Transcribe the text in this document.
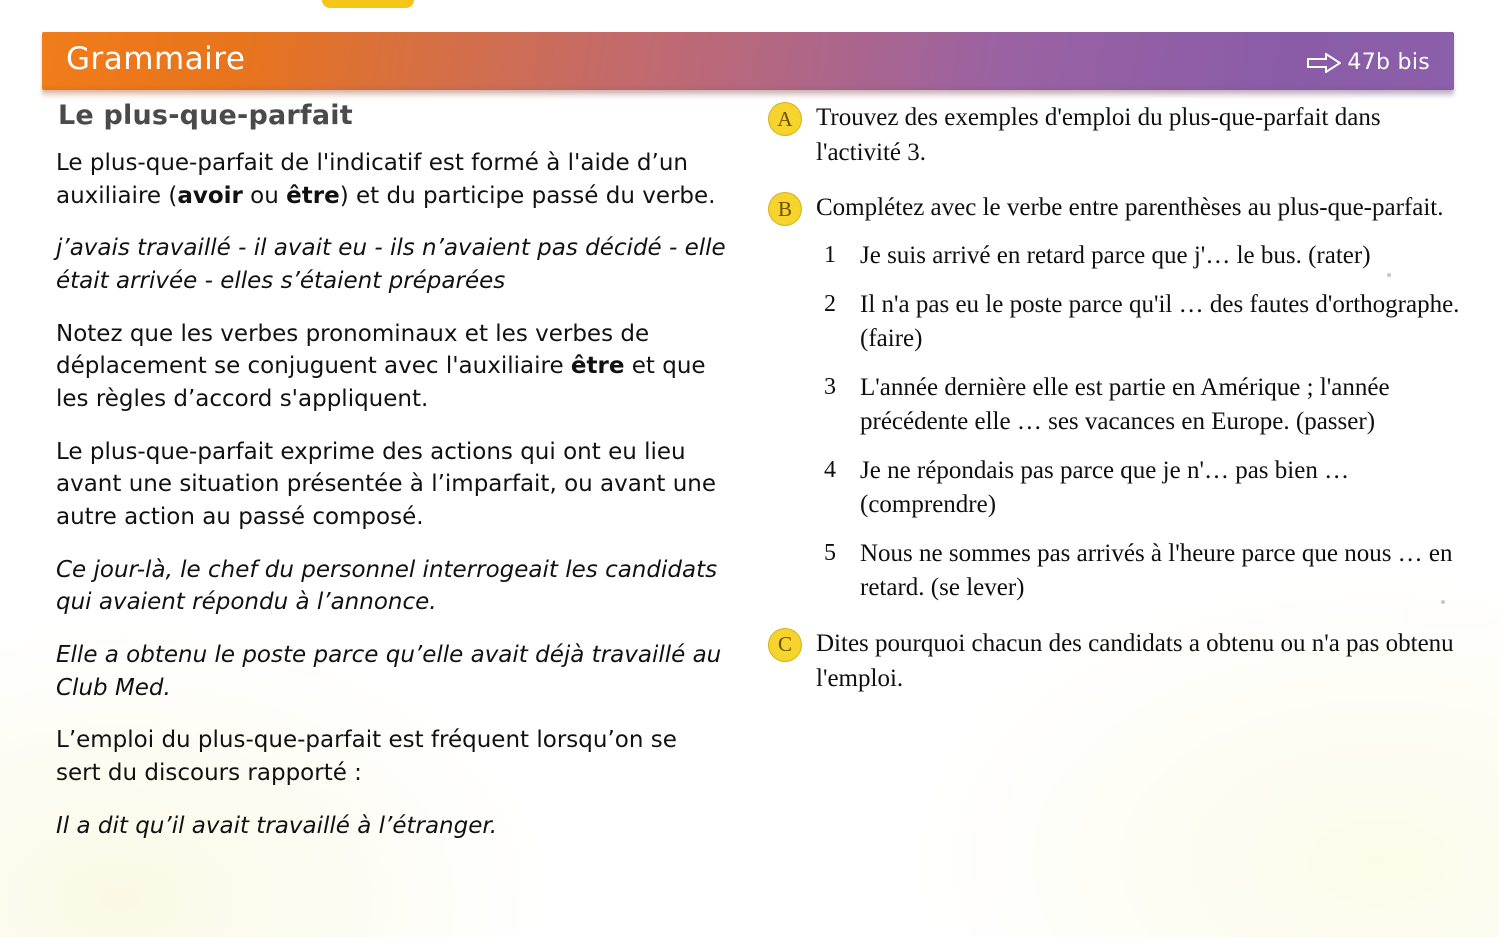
Grammaire	47b bis
Le plus-que-parfait
Le plus-que-parfait de l'indicatif est formé à l'aide d’un auxiliaire (avoir ou être) et du participe passé du verbe.
j’avais travaillé - il avait eu - ils n’avaient pas décidé - elle était arrivée - elles s’étaient préparées
Notez que les verbes pronominaux et les verbes de déplacement se conjuguent avec l'auxiliaire être et que les règles d’accord s'appliquent.
Le plus-que-parfait exprime des actions qui ont eu lieu avant une situation présentée à l’imparfait, ou avant une autre action au passé composé.
Ce jour-là, le chef du personnel interrogeait les candidats qui avaient répondu à l’annonce.
Elle a obtenu le poste parce qu’elle avait déjà travaillé au Club Med.
L’emploi du plus-que-parfait est fréquent lorsqu’on se sert du discours rapporté :
Il a dit qu’il avait travaillé à l’étranger.
A Trouvez des exemples d'emploi du plus-que-parfait dans l'activité 3.
B Complétez avec le verbe entre parenthèses au plus-que-parfait.
1 Je suis arrivé en retard parce que j'… le bus. (rater)
2 Il n'a pas eu le poste parce qu'il … des fautes d'orthographe. (faire)
3 L'année dernière elle est partie en Amérique ; l'année précédente elle … ses vacances en Europe. (passer)
4 Je ne répondais pas parce que je n'… pas bien … (comprendre)
5 Nous ne sommes pas arrivés à l'heure parce que nous … en retard. (se lever)
C Dites pourquoi chacun des candidats a obtenu ou n'a pas obtenu l'emploi.
